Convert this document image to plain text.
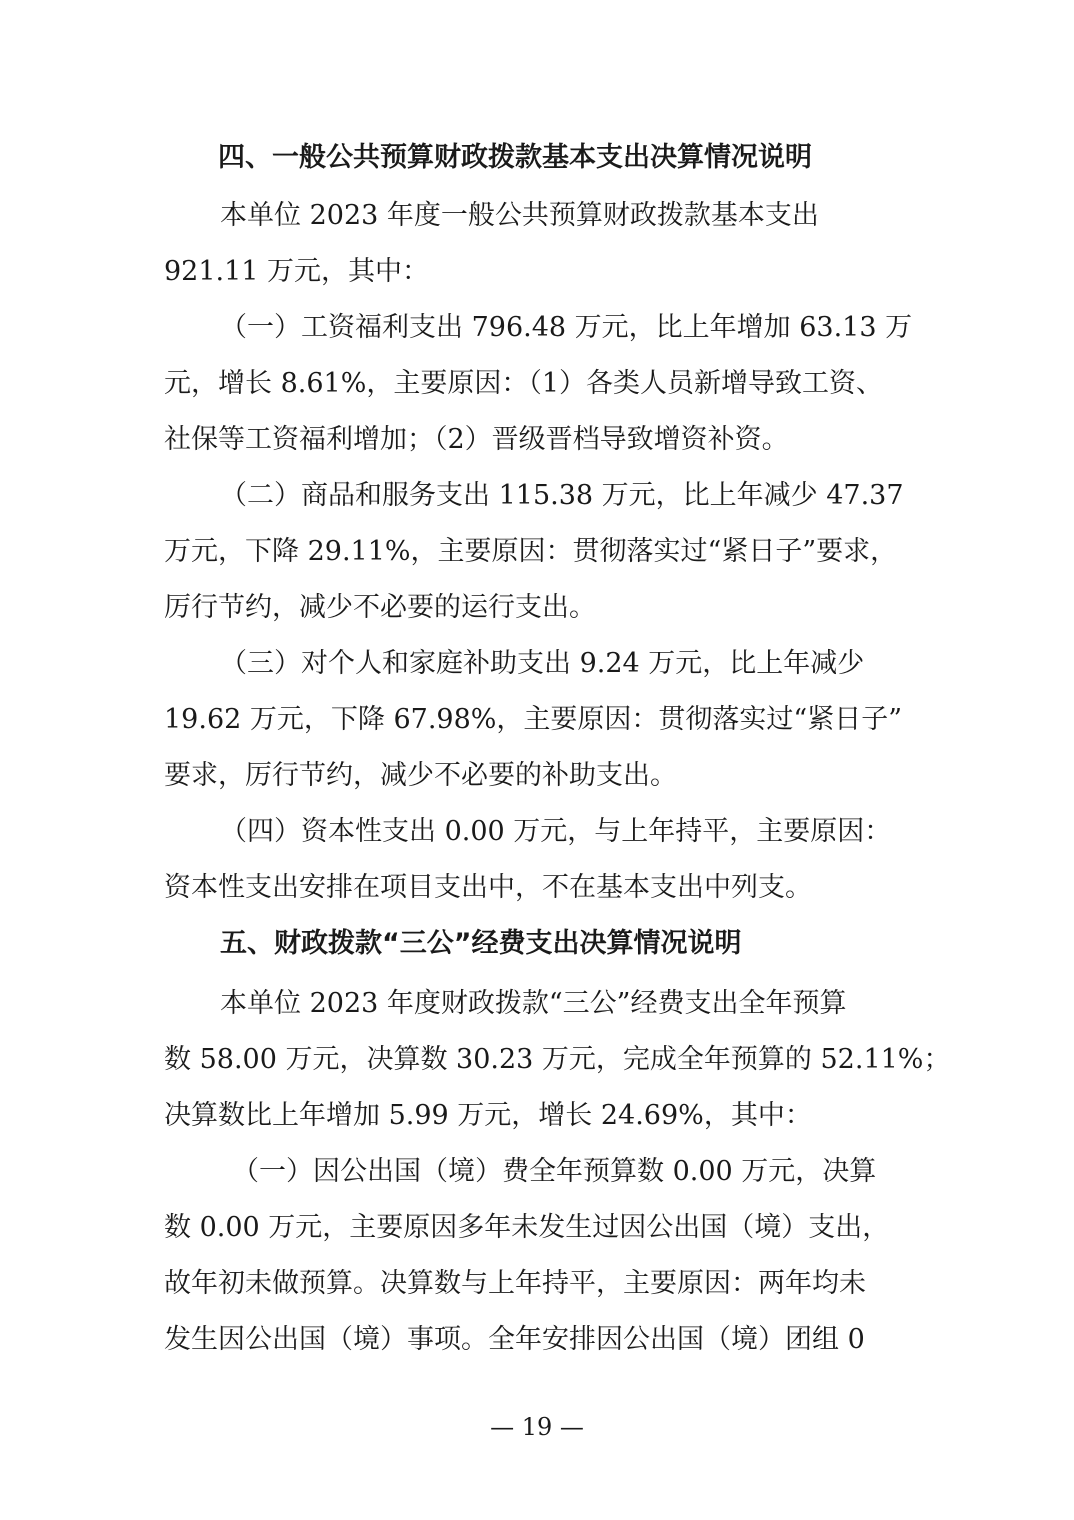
四、一般公共预算财政拨款基本支出决算情况说明
本单位 2023 年度一般公共预算财政拨款基本支出
921.11 万元，其中：
（一）工资福利支出 796.48 万元，比上年增加 63.13 万
元，增长 8.61%，主要原因：（1）各类人员新增导致工资、
社保等工资福利增加；（2）晋级晋档导致增资补资。
（二）商品和服务支出 115.38 万元，比上年减少 47.37
万元，下降 29.11%，主要原因：贯彻落实过“紧日子”要求，
厉行节约，减少不必要的运行支出。
（三）对个人和家庭补助支出 9.24 万元，比上年减少
19.62 万元，下降 67.98%，主要原因：贯彻落实过“紧日子”
要求，厉行节约，减少不必要的补助支出。
（四）资本性支出 0.00 万元，与上年持平，主要原因：
资本性支出安排在项目支出中，不在基本支出中列支。
五、财政拨款“三公”经费支出决算情况说明
本单位 2023 年度财政拨款“三公”经费支出全年预算
数 58.00 万元，决算数 30.23 万元，完成全年预算的 52.11%；
决算数比上年增加 5.99 万元，增长 24.69%，其中：
（一）因公出国（境）费全年预算数 0.00 万元，决算
数 0.00 万元，主要原因多年未发生过因公出国（境）支出，
故年初未做预算。决算数与上年持平，主要原因：两年均未
发生因公出国（境）事项。全年安排因公出国（境）团组 0
— 19 —
